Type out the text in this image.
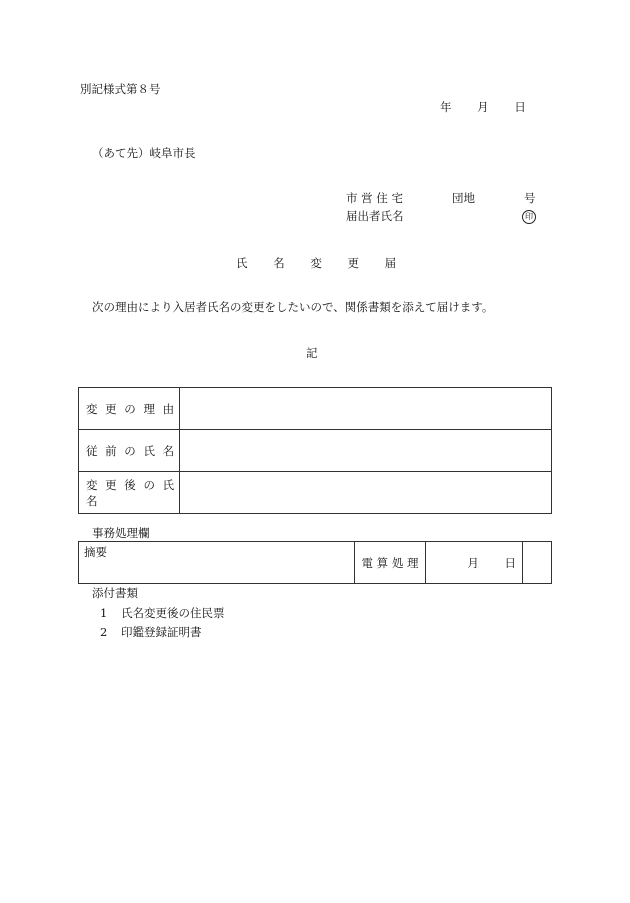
別記様式第８号
年 月 日
（あて先）岐阜市長
市 営 住 宅	団地	号
届出者氏名	印
氏 名 変 更 届
次の理由により入居者氏名の変更をしたいので、関係書類を添えて届けます。
記
変 更 の 理 由	
従 前 の 氏 名	
変 更 後 の 氏 名	
事務処理欄
摘要	電 算 処 理	月 日	
添付書類
1 氏名変更後の住民票
2 印鑑登録証明書
